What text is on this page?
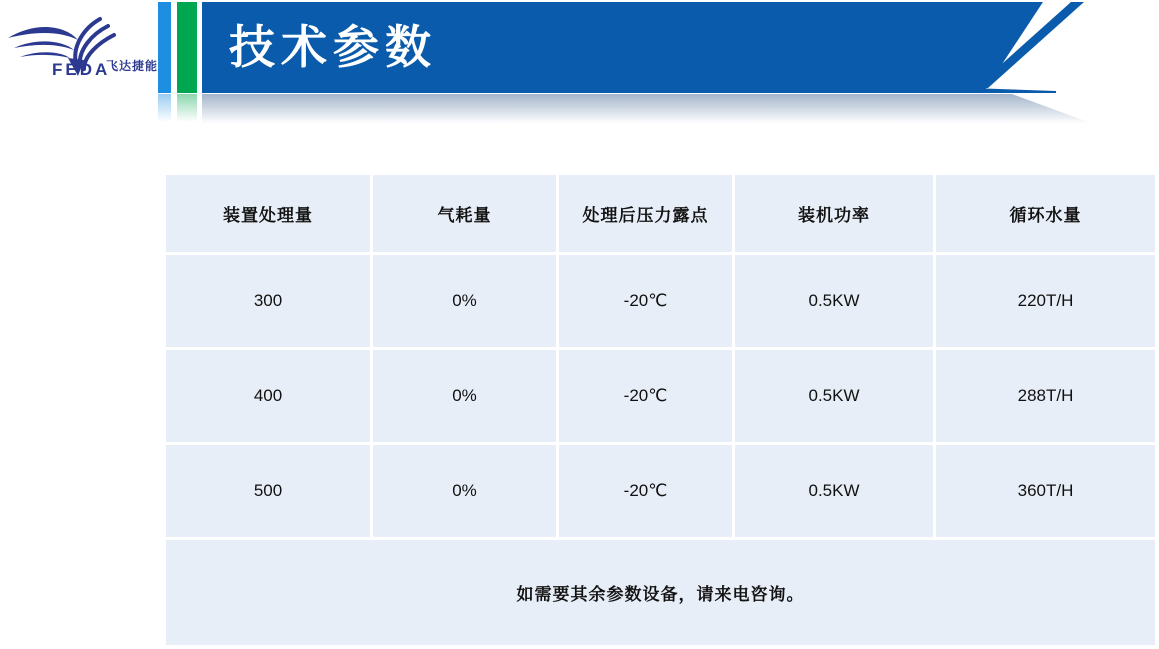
FEDA
飞达捷能 技术参数
装置处理量	气耗量	处理后压力露点	装机功率	循环水量
300	0%	-20℃	0.5KW	220T/H
400	0%	-20℃	0.5KW	288T/H
500	0%	-20℃	0.5KW	360T/H
如需要其余参数设备，请来电咨询。
